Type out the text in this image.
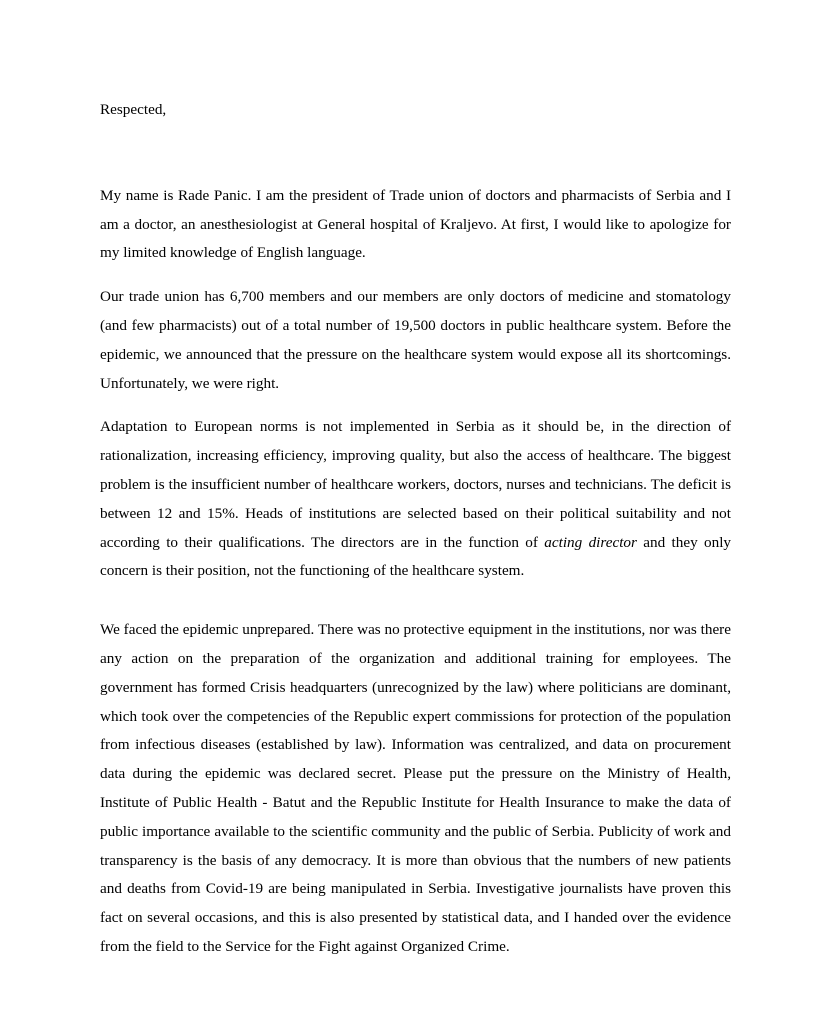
Respected,

My name is Rade Panic. I am the president of Trade union of doctors and pharmacists of Serbia and I am a doctor, an anesthesiologist at General hospital of Kraljevo. At first, I would like to apologize for my limited knowledge of English language.

Our trade union has 6,700 members and our members are only doctors of medicine and stomatology (and few pharmacists) out of a total number of 19,500 doctors in public healthcare system. Before the epidemic, we announced that the pressure on the healthcare system would expose all its shortcomings. Unfortunately, we were right.

Adaptation to European norms is not implemented in Serbia as it should be, in the direction of rationalization, increasing efficiency, improving quality, but also the access of healthcare. The biggest problem is the insufficient number of healthcare workers, doctors, nurses and technicians. The deficit is between 12 and 15%. Heads of institutions are selected based on their political suitability and not according to their qualifications. The directors are in the function of acting director and they only concern is their position, not the functioning of the healthcare system.

We faced the epidemic unprepared. There was no protective equipment in the institutions, nor was there any action on the preparation of the organization and additional training for employees. The government has formed Crisis headquarters (unrecognized by the law) where politicians are dominant, which took over the competencies of the Republic expert commissions for protection of the population from infectious diseases (established by law). Information was centralized, and data on procurement data during the epidemic was declared secret. Please put the pressure on the Ministry of Health, Institute of Public Health - Batut and the Republic Institute for Health Insurance to make the data of public importance available to the scientific community and the public of Serbia. Publicity of work and transparency is the basis of any democracy. It is more than obvious that the numbers of new patients and deaths from Covid-19 are being manipulated in Serbia. Investigative journalists have proven this fact on several occasions, and this is also presented by statistical data, and I handed over the evidence from the field to the Service for the Fight against Organized Crime.
